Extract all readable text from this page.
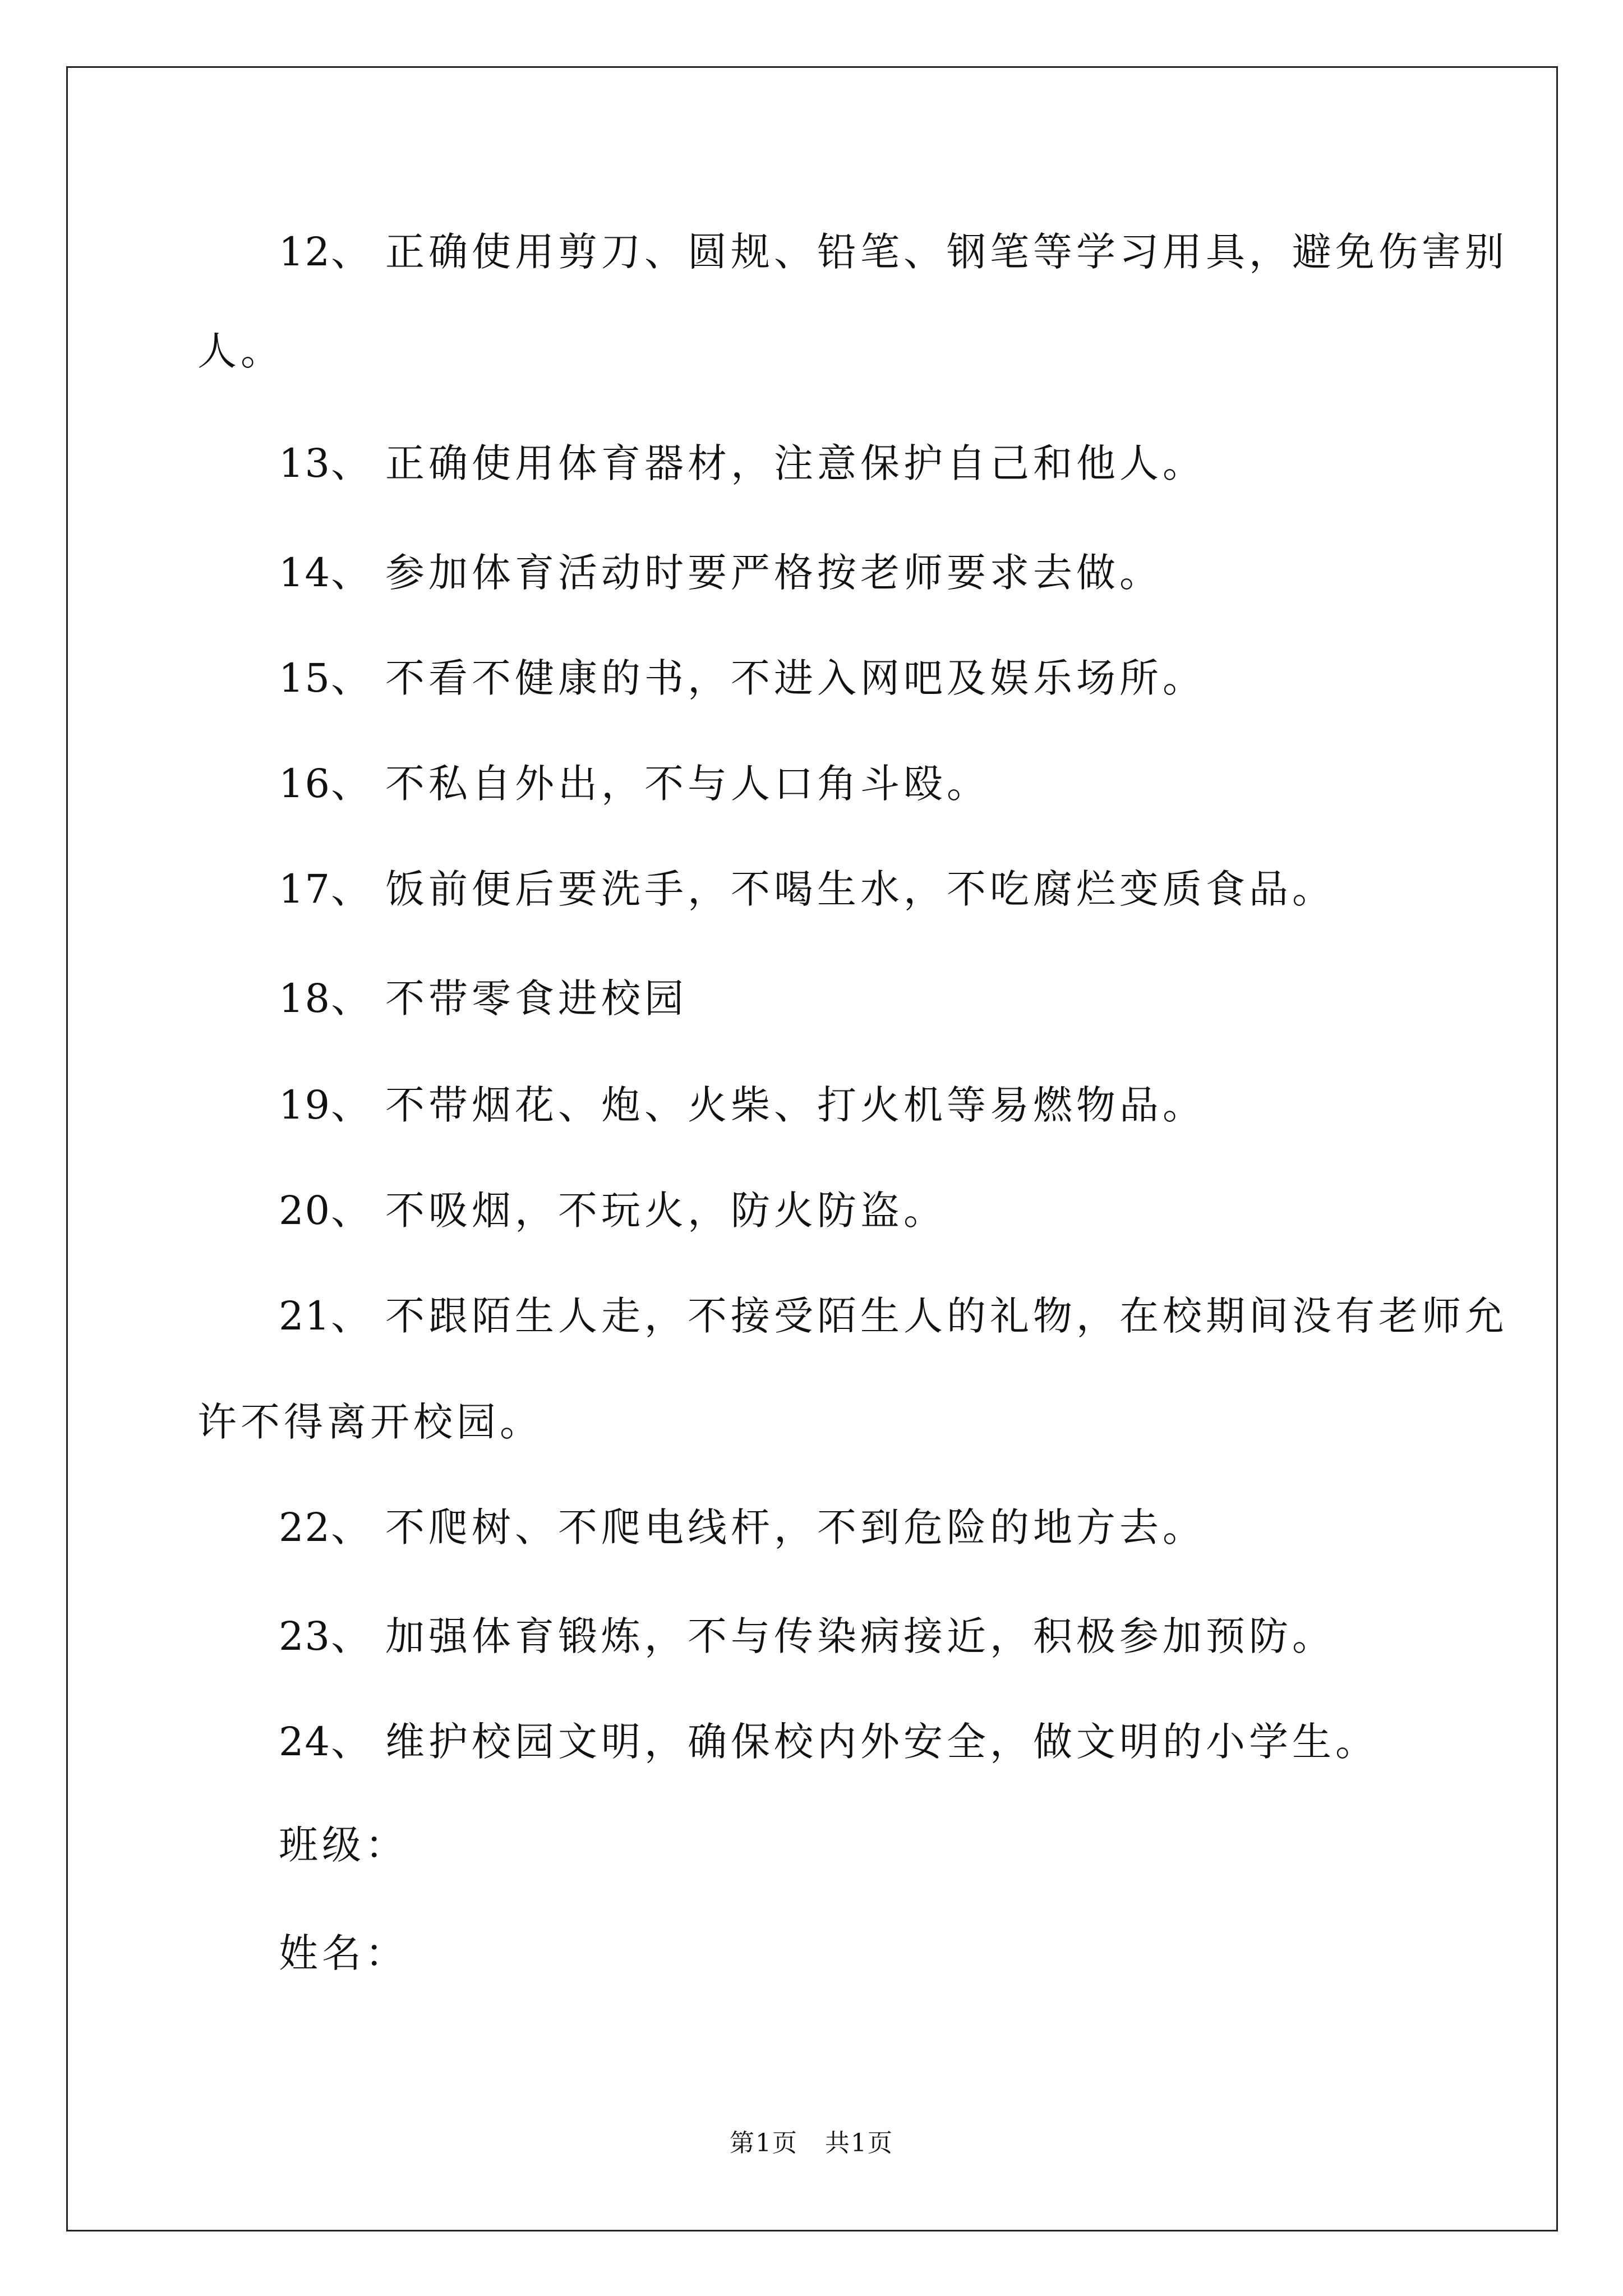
12、 正确使用剪刀、圆规、铅笔、钢笔等学习用具，避免伤害别
人。
13、 正确使用体育器材，注意保护自己和他人。
14、 参加体育活动时要严格按老师要求去做。
15、 不看不健康的书，不进入网吧及娱乐场所。
16、 不私自外出，不与人口角斗殴。
17、 饭前便后要洗手，不喝生水，不吃腐烂变质食品。
18、 不带零食进校园
19、 不带烟花、炮、火柴、打火机等易燃物品。
20、 不吸烟，不玩火，防火防盗。
21、 不跟陌生人走，不接受陌生人的礼物，在校期间没有老师允
许不得离开校园。
22、 不爬树、不爬电线杆，不到危险的地方去。
23、 加强体育锻炼，不与传染病接近，积极参加预防。
24、 维护校园文明，确保校内外安全，做文明的小学生。
班级：
姓名：
第1页 共1页
